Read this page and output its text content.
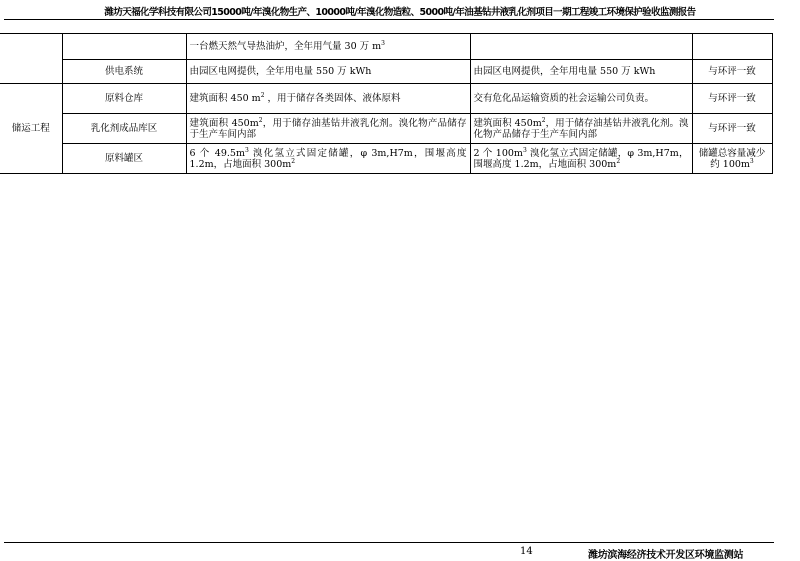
潍坊天福化学科技有限公司15000吨/年溴化物生产、10000吨/年溴化物造粒、5000吨/年油基钻井液乳化剂项目一期工程竣工环境保护验收监测报告
		一台燃天然气导热油炉，全年用气量 30 万 $m^3$		
	供电系统	由园区电网提供，全年用电量 550 万 kWh	由园区电网提供，全年用电量 550 万 kWh	与环评一致
储运工程	原料仓库	建筑面积 450 $m^2$ ，用于储存各类固体、液体原料	交有危化品运输资质的社会运输公司负责。	与环评一致
	乳化剂成品库区	建筑面积 $450m^2$，用于储存油基钻井液乳化剂。溴化物产品储存于生产车间内部	建筑面积 $450m^2$，用于储存油基钻井液乳化剂。溴化物产品储存于生产车间内部	与环评一致
	原料罐区	6 个 $49.5m^3$ 溴化氢立式固定储罐，φ 3m,H7m，围堰高度 1.2m，占地面积 $300m^2$	2 个 $100m^3$ 溴化氢立式固定储罐，φ 3m,H7m，围堰高度 1.2m，占地面积 $300m^2$	储罐总容量减少约 $100m^3$
14	潍坊滨海经济技术开发区环境监测站
